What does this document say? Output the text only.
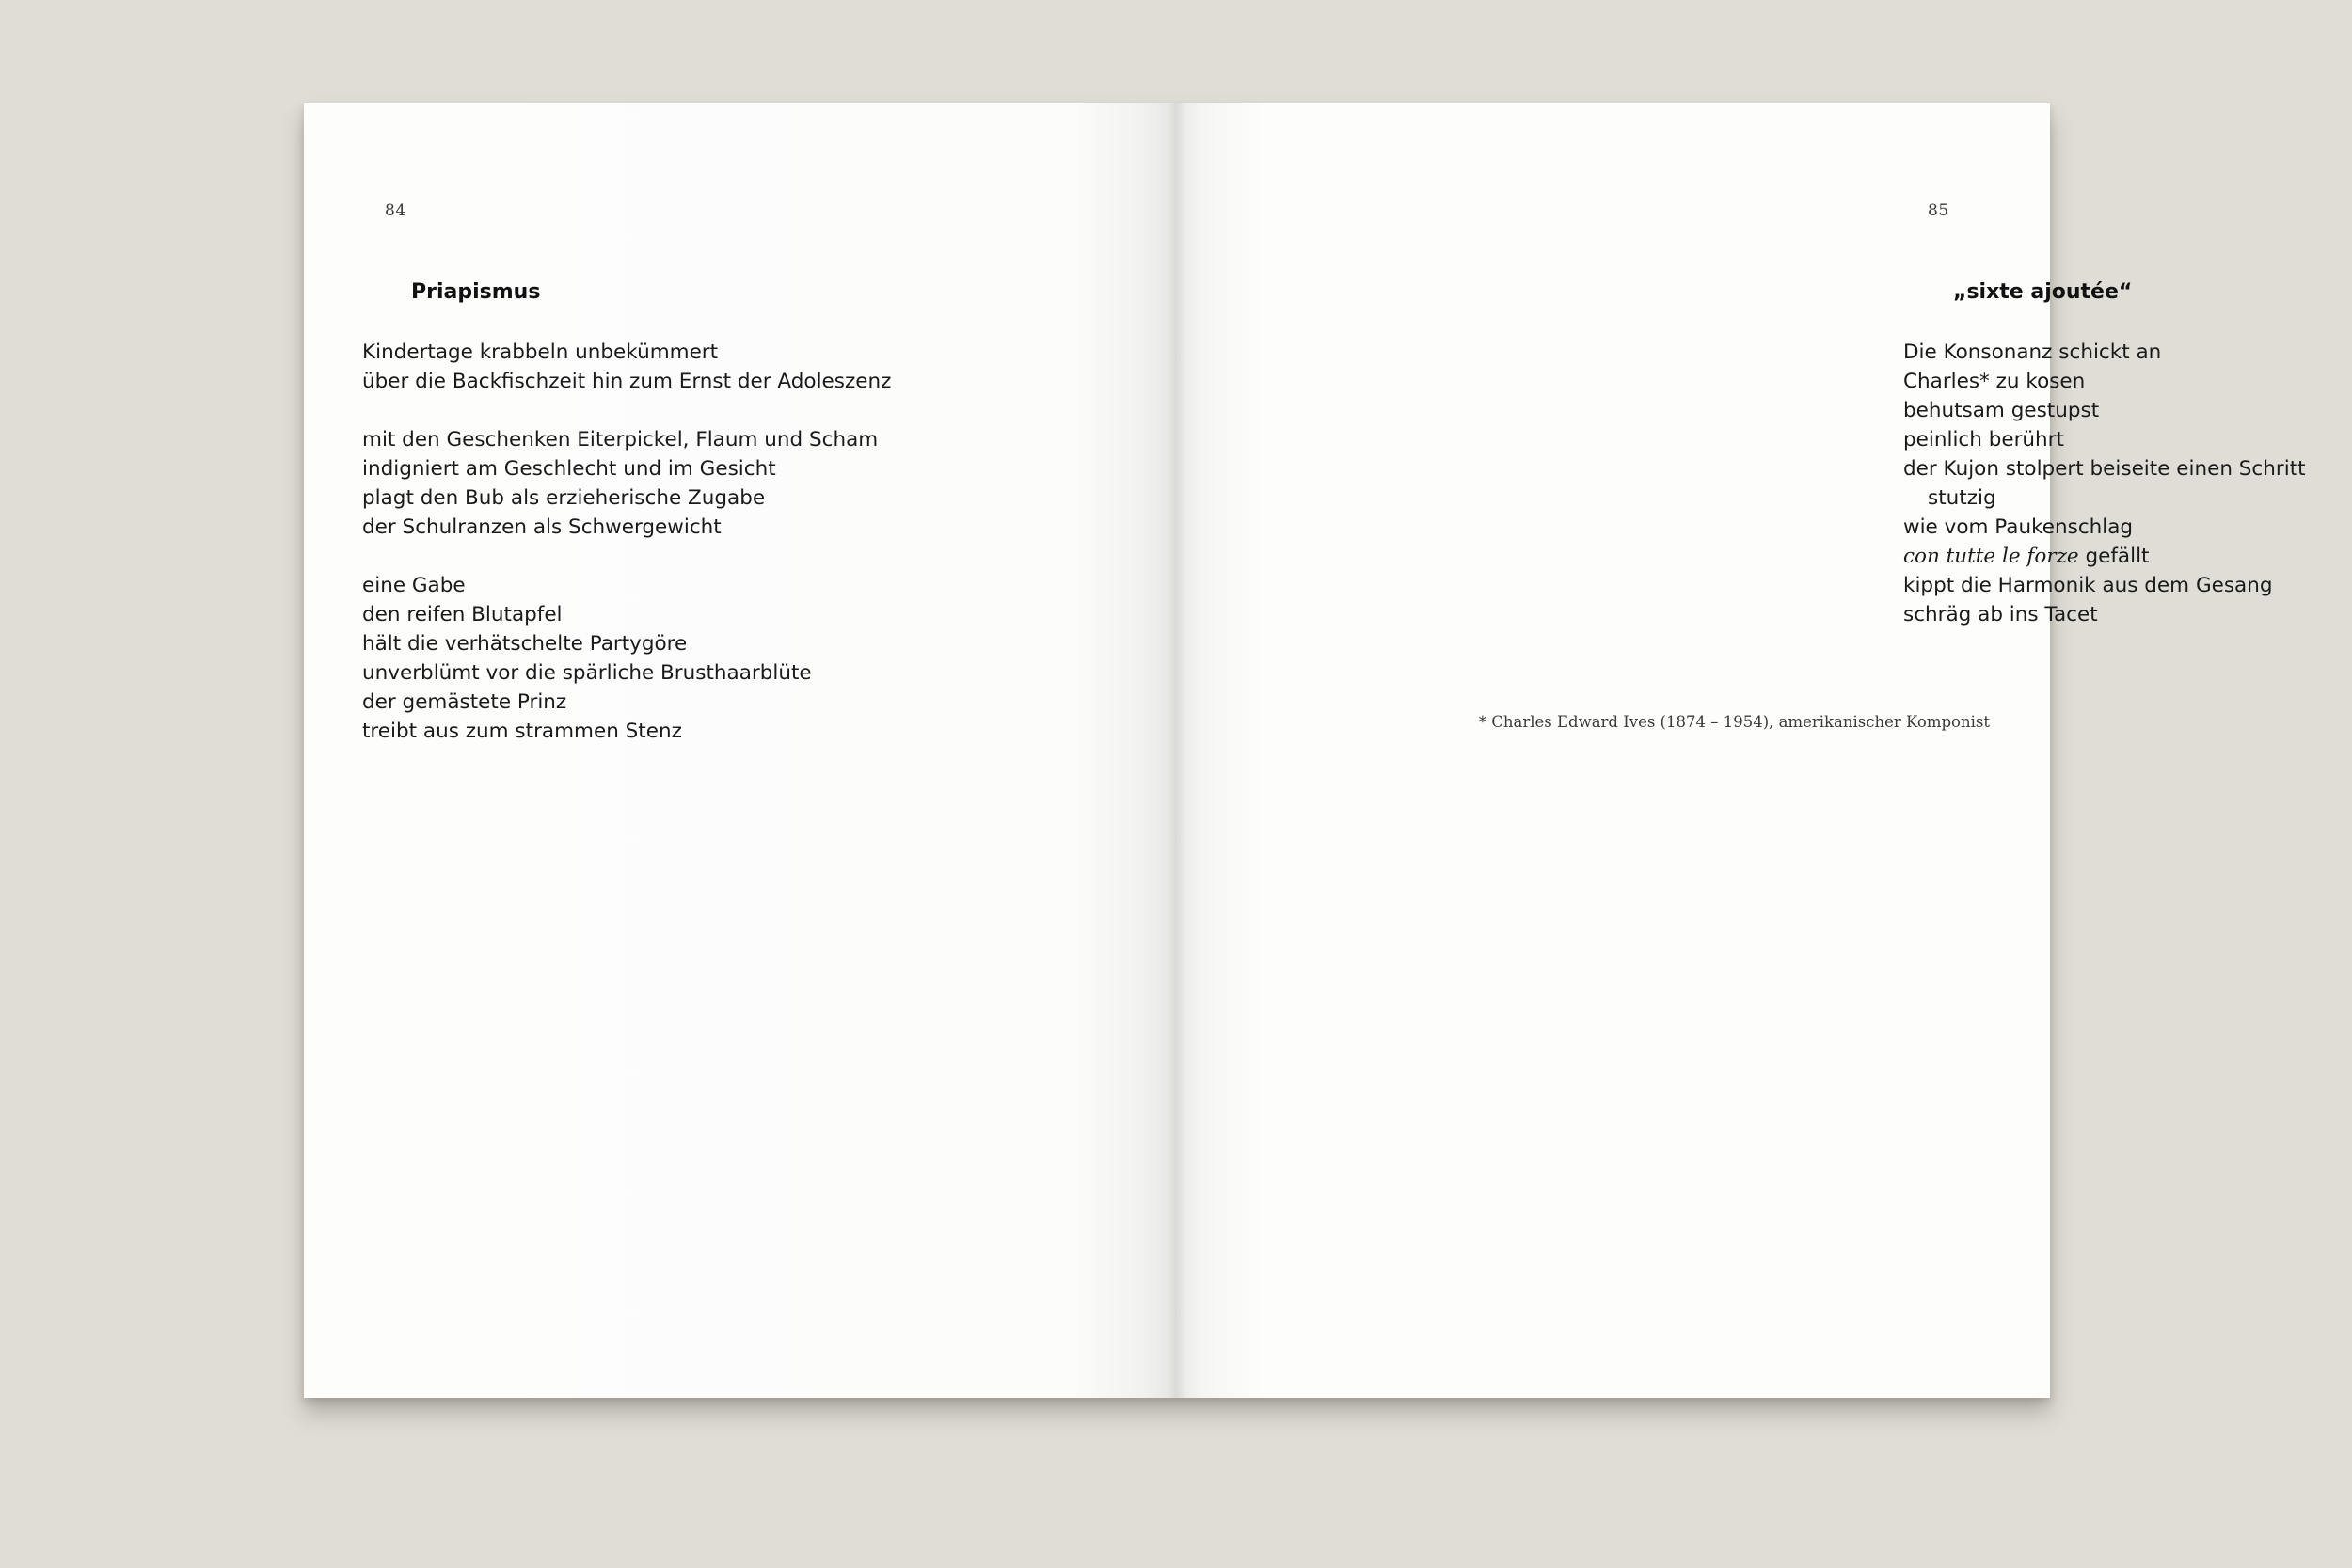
84
Priapismus
Kindertage krabbeln unbekümmert
über die Backfischzeit hin zum Ernst der Adoleszenz
mit den Geschenken Eiterpickel, Flaum und Scham
indigniert am Geschlecht und im Gesicht
plagt den Bub als erzieherische Zugabe
der Schulranzen als Schwergewicht
eine Gabe
den reifen Blutapfel
hält die verhätschelte Partygöre
unverblümt vor die spärliche Brusthaarblüte
der gemästete Prinz
treibt aus zum strammen Stenz
85
„sixte ajoutée“
Die Konsonanz schickt an
Charles* zu kosen
behutsam gestupst
peinlich berührt
der Kujon stolpert beiseite einen Schritt
stutzig
wie vom Paukenschlag
con tutte le forze gefällt
kippt die Harmonik aus dem Gesang
schräg ab ins Tacet
* Charles Edward Ives (1874 – 1954), amerikanischer Komponist
